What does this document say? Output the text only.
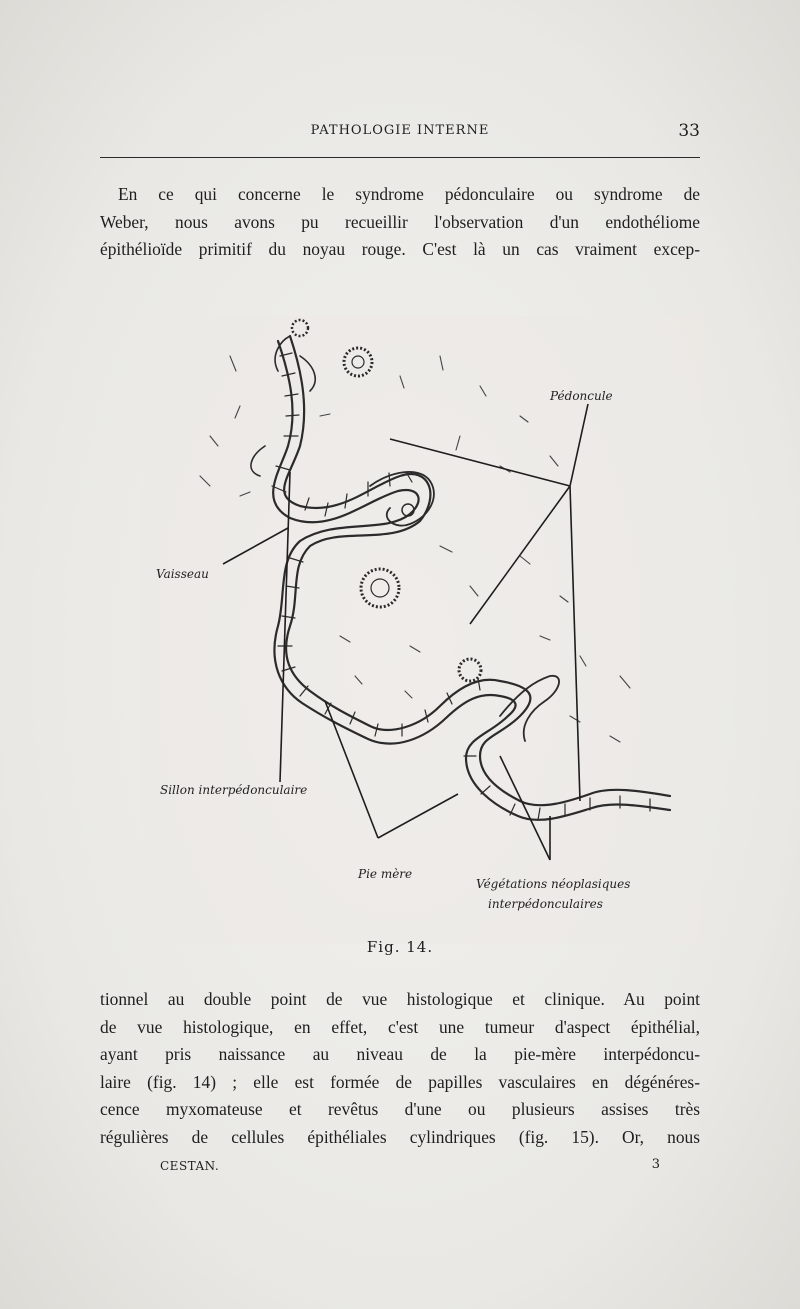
PATHOLOGIE INTERNE	33
En ce qui concerne le syndrome pédonculaire ou syndrome de
Weber, nous avons pu recueillir l'observation d'un endothéliome
épithélioïde primitif du noyau rouge. C'est là un cas vraiment excep-
Pédoncule
Vaisseau
Sillon interpédonculaire
Pie mère
Végétations néoplasiques
interpédonculaires
Fig. 14.
tionnel au double point de vue histologique et clinique. Au point
de vue histologique, en effet, c'est une tumeur d'aspect épithélial,
ayant pris naissance au niveau de la pie-mère interpédoncu-
laire (fig. 14) ; elle est formée de papilles vasculaires en dégénéres-
cence myxomateuse et revêtus d'une ou plusieurs assises très
régulières de cellules épithéliales cylindriques (fig. 15). Or, nous
CESTAN.	3
